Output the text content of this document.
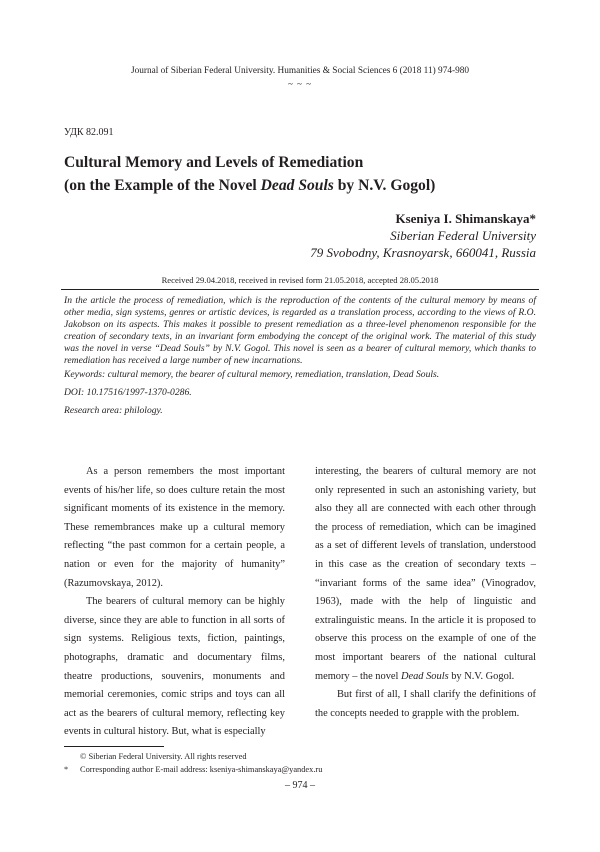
Journal of Siberian Federal University. Humanities & Social Sciences 6 (2018 11) 974-980
~ ~ ~
УДК 82.091
Cultural Memory and Levels of Remediation
(on the Example of the Novel Dead Souls by N.V. Gogol)
Kseniya I. Shimanskaya*
Siberian Federal University
79 Svobodny, Krasnoyarsk, 660041, Russia
Received 29.04.2018, received in revised form 21.05.2018, accepted 28.05.2018
In the article the process of remediation, which is the reproduction of the contents of the cultural memory by means of other media, sign systems, genres or artistic devices, is regarded as a translation process, according to the views of R.O. Jakobson on its aspects. This makes it possible to present remediation as a three-level phenomenon responsible for the creation of secondary texts, in an invariant form embodying the concept of the original work. The material of this study was the novel in verse “Dead Souls” by N.V. Gogol. This novel is seen as a bearer of cultural memory, which thanks to remediation has received a large number of new incarnations.
Keywords: cultural memory, the bearer of cultural memory, remediation, translation, Dead Souls.
DOI: 10.17516/1997-1370-0286.
Research area: philology.

As a person remembers the most important events of his/her life, so does culture retain the most significant moments of its existence in the memory. These remembrances make up a cultural memory reflecting “the past common for a certain people, a nation or even for the majority of humanity” (Razumovskaya, 2012).

The bearers of cultural memory can be highly diverse, since they are able to function in all sorts of sign systems. Religious texts, fiction, paintings, photographs, dramatic and documentary films, theatre productions, souvenirs, monuments and memorial ceremonies, comic strips and toys can all act as the bearers of cultural memory, reflecting key events in cultural history. But, what is especially

interesting, the bearers of cultural memory are not only represented in such an astonishing variety, but also they all are connected with each other through the process of remediation, which can be imagined as a set of different levels of translation, understood in this case as the creation of secondary texts – “invariant forms of the same idea” (Vinogradov, 1963), made with the help of linguistic and extralinguistic means. In the article it is proposed to observe this process on the example of one of the most important bearers of the national cultural memory – the novel Dead Souls by N.V. Gogol.

But first of all, I shall clarify the definitions of the concepts needed to grapple with the problem.

© Siberian Federal University. All rights reserved
* Corresponding author E-mail address: kseniya-shimanskaya@yandex.ru
– 974 –
